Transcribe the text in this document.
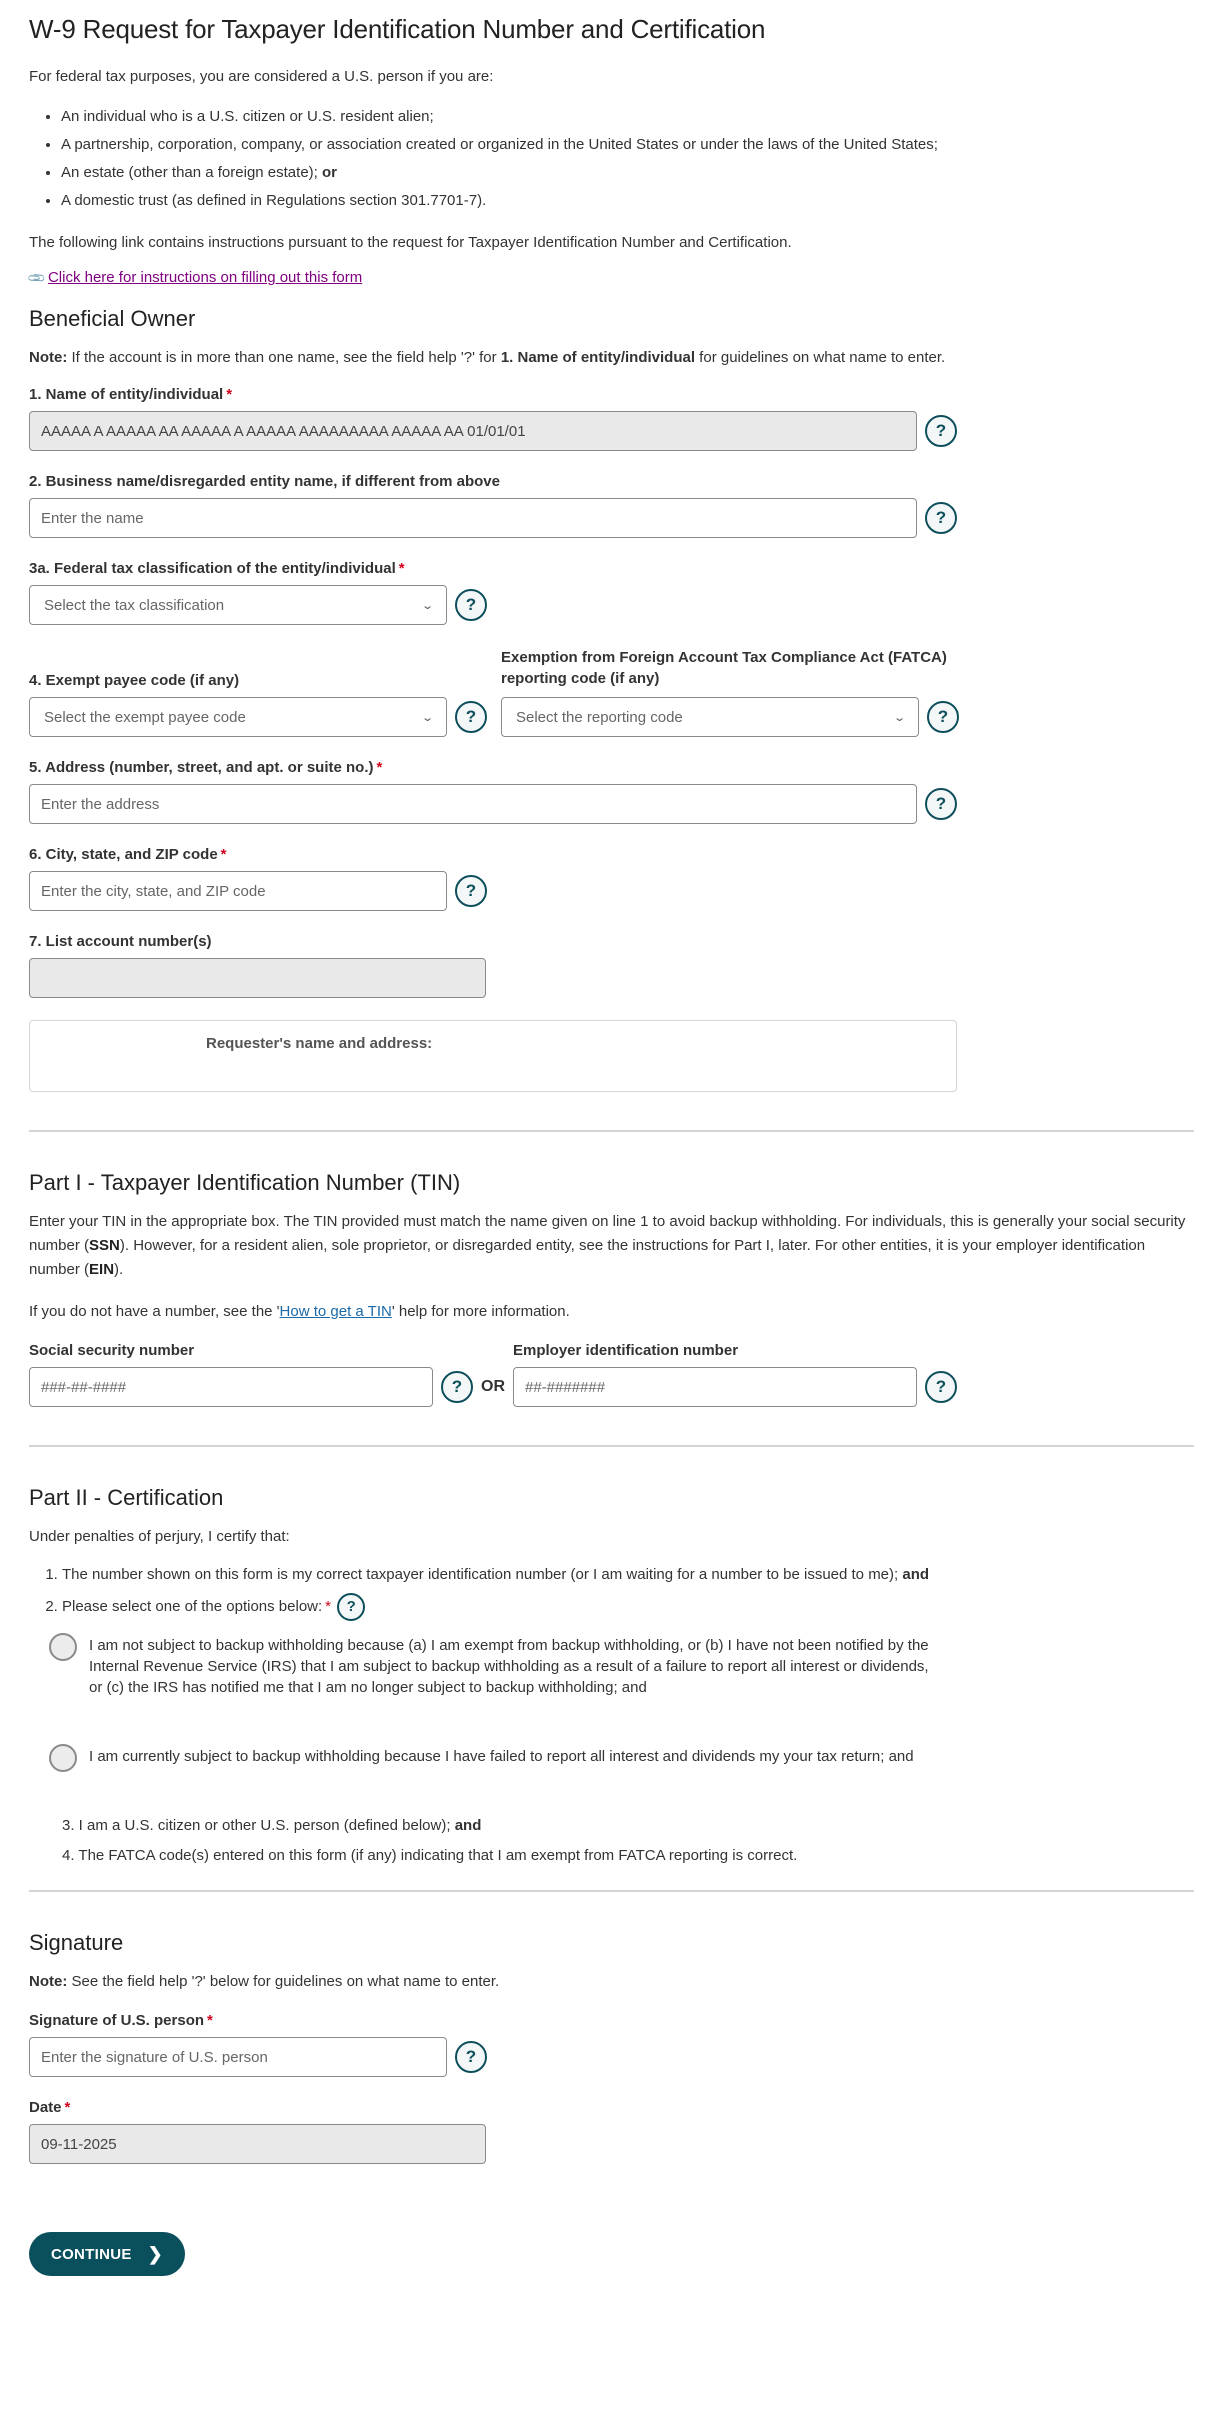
W-9 Request for Taxpayer Identification Number and Certification

For federal tax purposes, you are considered a U.S. person if you are:

• An individual who is a U.S. citizen or U.S. resident alien;
• A partnership, corporation, company, or association created or organized in the United States or under the laws of the United States;
• An estate (other than a foreign estate); or
• A domestic trust (as defined in Regulations section 301.7701-7).

The following link contains instructions pursuant to the request for Taxpayer Identification Number and Certification.

📎 Click here for instructions on filling out this form
Beneficial Owner

Note: If the account is in more than one name, see the field help '?' for 1. Name of entity/individual for guidelines on what name to enter.

1. Name of entity/individual *
AAAAA A AAAAA AA AAAAA A AAAAA AAAAAAAAA AAAAA AA 01/01/01
?
2. Business name/disregarded entity name, if different from above
Enter the name
?
3a. Federal tax classification of the entity/individual *
Select the tax classification	⌄	?
4. Exempt payee code (if any)
Select the exempt payee code	⌄	?
Exemption from Foreign Account Tax Compliance Act (FATCA) reporting code (if any)
Select the reporting code	⌄	?
5. Address (number, street, and apt. or suite no.) *
Enter the address
?
6. City, state, and ZIP code *
Enter the city, state, and ZIP code
?
7. List account number(s)
Requester's name and address:
Part I - Taxpayer Identification Number (TIN)

Enter your TIN in the appropriate box. The TIN provided must match the name given on line 1 to avoid backup withholding. For individuals, this is generally your social security number (SSN). However, for a resident alien, sole proprietor, or disregarded entity, see the instructions for Part I, later. For other entities, it is your employer identification number (EIN).

If you do not have a number, see the 'How to get a TIN' help for more information.

Social security number
###-##-####
?	OR
Employer identification number
##-#######
?
Part II - Certification

Under penalties of perjury, I certify that:

1. The number shown on this form is my correct taxpayer identification number (or I am waiting for a number to be issued to me); and
2. Please select one of the options below: * ?
I am not subject to backup withholding because (a) I am exempt from backup withholding, or (b) I have not been notified by the Internal Revenue Service (IRS) that I am subject to backup withholding as a result of a failure to report all interest or dividends, or (c) the IRS has notified me that I am no longer subject to backup withholding; and
I am currently subject to backup withholding because I have failed to report all interest and dividends my your tax return; and
3. I am a U.S. citizen or other U.S. person (defined below); and
4. The FATCA code(s) entered on this form (if any) indicating that I am exempt from FATCA reporting is correct.
Signature

Note: See the field help '?' below for guidelines on what name to enter.

Signature of U.S. person *
Enter the signature of U.S. person
?
Date *
09-11-2025
CONTINUE ❯
